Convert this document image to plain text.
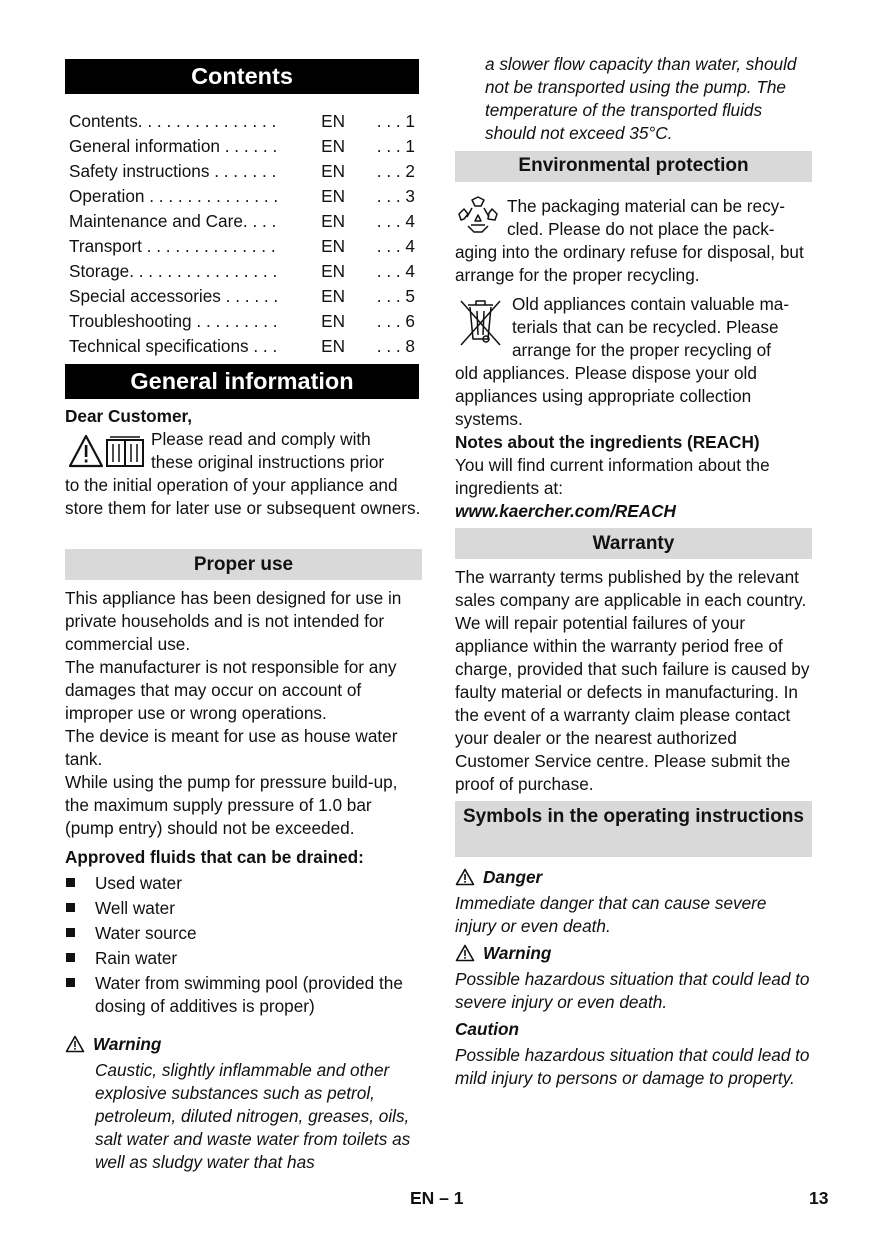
Contents
Contents. . . . . . . . . . . . . . .	EN	. . . 1
General information . . . . . .	EN	. . . 1
Safety instructions . . . . . . .	EN	. . . 2
Operation . . . . . . . . . . . . . .	EN	. . . 3
Maintenance and Care. . . .	EN	. . . 4
Transport . . . . . . . . . . . . . .	EN	. . . 4
Storage. . . . . . . . . . . . . . . .	EN	. . . 4
Special accessories . . . . . .	EN	. . . 5
Troubleshooting . . . . . . . . .	EN	. . . 6
Technical specifications . . .	EN	. . . 8
General information

Dear Customer,

Please read and comply with
these original instructions prior
to the initial operation of your appliance and store them for later use or subsequent owners.
Proper use

This appliance has been designed for use in private households and is not intended for commercial use.

The manufacturer is not responsible for any damages that may occur on account of improper use or wrong operations.

The device is meant for use as house water tank.

While using the pump for pressure build-up, the maximum supply pressure of 1.0 bar (pump entry) should not be exceeded.

Approved fluids that can be drained:

Used water
Well water
Water source
Rain water
Water from swimming pool (provided the dosing of additives is proper)
Warning

Caustic, slightly inflammable and other explosive substances such as petrol, petroleum, diluted nitrogen, greases, oils, salt water and waste water from toilets as well as sludgy water that has

a slower flow capacity than water, should not be transported using the pump. The temperature of the transported fluids should not exceed 35°C.

Environmental protection
The packaging material can be recy-
cled. Please do not place the pack-
aging into the ordinary refuse for disposal, but arrange for the proper recycling.
Old appliances contain valuable ma-
terials that can be recycled. Please
arrange for the proper recycling of
old appliances. Please dispose your old appliances using appropriate collection systems.

Notes about the ingredients (REACH)

You will find current information about the ingredients at:

www.kaercher.com/REACH

Warranty

The warranty terms published by the relevant sales company are applicable in each country. We will repair potential failures of your appliance within the warranty period free of charge, provided that such failure is caused by faulty material or defects in manufacturing. In the event of a warranty claim please contact your dealer or the nearest authorized Customer Service centre. Please submit the proof of purchase.

Symbols in the operating instructions
Danger

Immediate danger that can cause severe injury or even death.

Warning

Possible hazardous situation that could lead to severe injury or even death.

Caution

Possible hazardous situation that could lead to mild injury to persons or damage to property.

EN – 1	13
